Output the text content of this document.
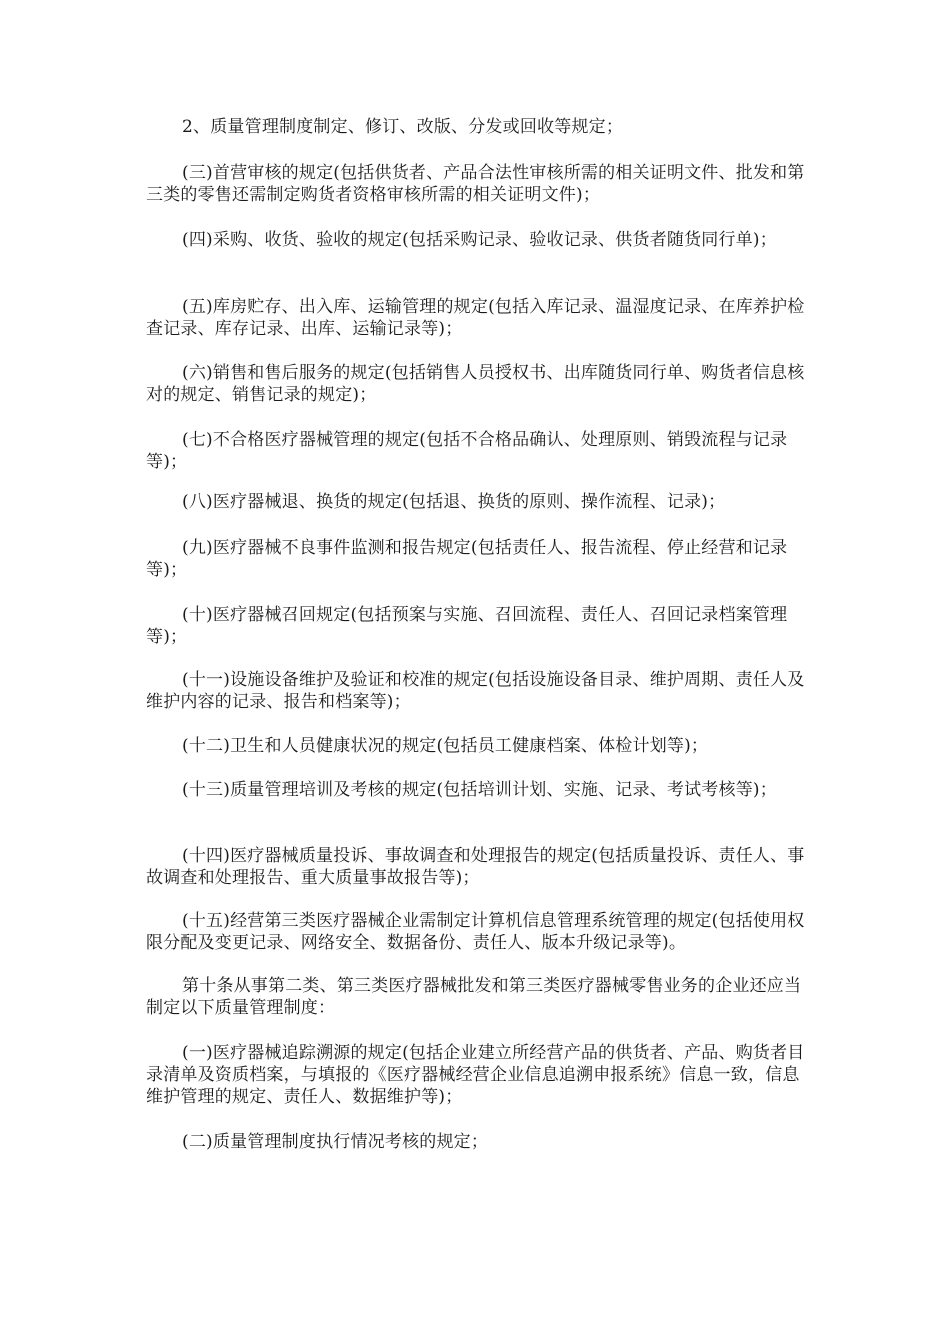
2、质量管理制度制定、修订、改版、分发或回收等规定；

(三)首营审核的规定(包括供货者、产品合法性审核所需的相关证明文件、批发和第三类的零售还需制定购货者资格审核所需的相关证明文件)；

(四)采购、收货、验收的规定(包括采购记录、验收记录、供货者随货同行单)；

(五)库房贮存、出入库、运输管理的规定(包括入库记录、温湿度记录、在库养护检查记录、库存记录、出库、运输记录等)；

(六)销售和售后服务的规定(包括销售人员授权书、出库随货同行单、购货者信息核对的规定、销售记录的规定)；

(七)不合格医疗器械管理的规定(包括不合格品确认、处理原则、销毁流程与记录等)；

(八)医疗器械退、换货的规定(包括退、换货的原则、操作流程、记录)；

(九)医疗器械不良事件监测和报告规定(包括责任人、报告流程、停止经营和记录等)；

(十)医疗器械召回规定(包括预案与实施、召回流程、责任人、召回记录档案管理等)；

(十一)设施设备维护及验证和校准的规定(包括设施设备目录、维护周期、责任人及维护内容的记录、报告和档案等)；

(十二)卫生和人员健康状况的规定(包括员工健康档案、体检计划等)；

(十三)质量管理培训及考核的规定(包括培训计划、实施、记录、考试考核等)；

(十四)医疗器械质量投诉、事故调查和处理报告的规定(包括质量投诉、责任人、事故调查和处理报告、重大质量事故报告等)；

(十五)经营第三类医疗器械企业需制定计算机信息管理系统管理的规定(包括使用权限分配及变更记录、网络安全、数据备份、责任人、版本升级记录等)。

第十条从事第二类、第三类医疗器械批发和第三类医疗器械零售业务的企业还应当制定以下质量管理制度：

(一)医疗器械追踪溯源的规定(包括企业建立所经营产品的供货者、产品、购货者目录清单及资质档案，与填报的《医疗器械经营企业信息追溯申报系统》信息一致，信息维护管理的规定、责任人、数据维护等)；

(二)质量管理制度执行情况考核的规定；
